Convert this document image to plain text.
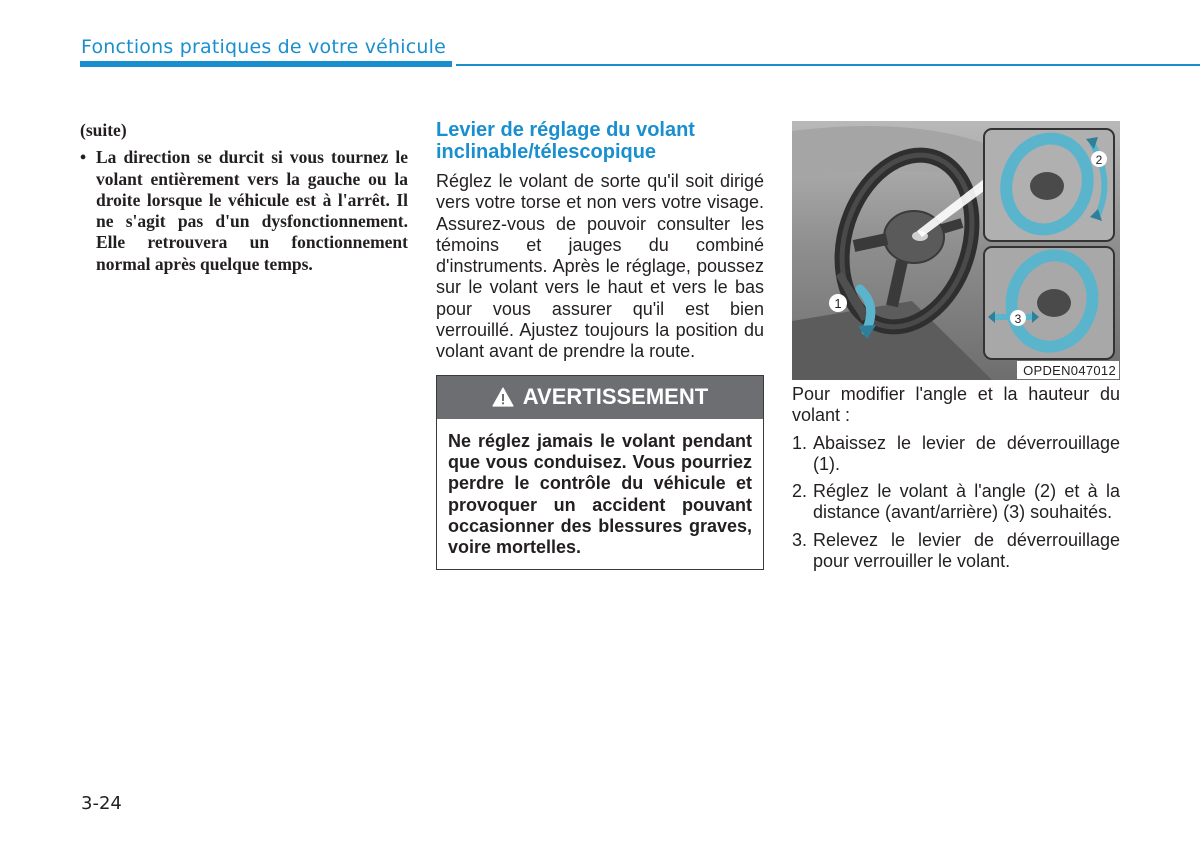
Fonctions pratiques de votre véhicule
(suite)
• La direction se durcit si vous tournez le volant entièrement vers la gauche ou la droite lorsque le véhicule est à l'arrêt. Il ne s'agit pas d'un dysfonctionnement. Elle retrouvera un fonctionnement normal après quelque temps.
Levier de réglage du volant inclinable/télescopique

Réglez le volant de sorte qu'il soit dirigé vers votre torse et non vers votre visage. Assurez-vous de pouvoir consulter les témoins et jauges du combiné d'instruments. Après le réglage, poussez sur le volant vers le haut et vers le bas pour vous assurer qu'il est bien verrouillé. Ajustez toujours la position du volant avant de prendre la route.

AVERTISSEMENT
Ne réglez jamais le volant pendant que vous conduisez. Vous pourriez perdre le contrôle du véhicule et provoquer un accident pouvant occasionner des blessures graves, voire mortelles.
2
3
1
OPDEN047012

Pour modifier l'angle et la hauteur du volant :

1. Abaissez le levier de déverrouillage (1).
2. Réglez le volant à l'angle (2) et à la distance (avant/arrière) (3) souhaités.
3. Relevez le levier de déverrouillage pour verrouiller le volant.
3-24
